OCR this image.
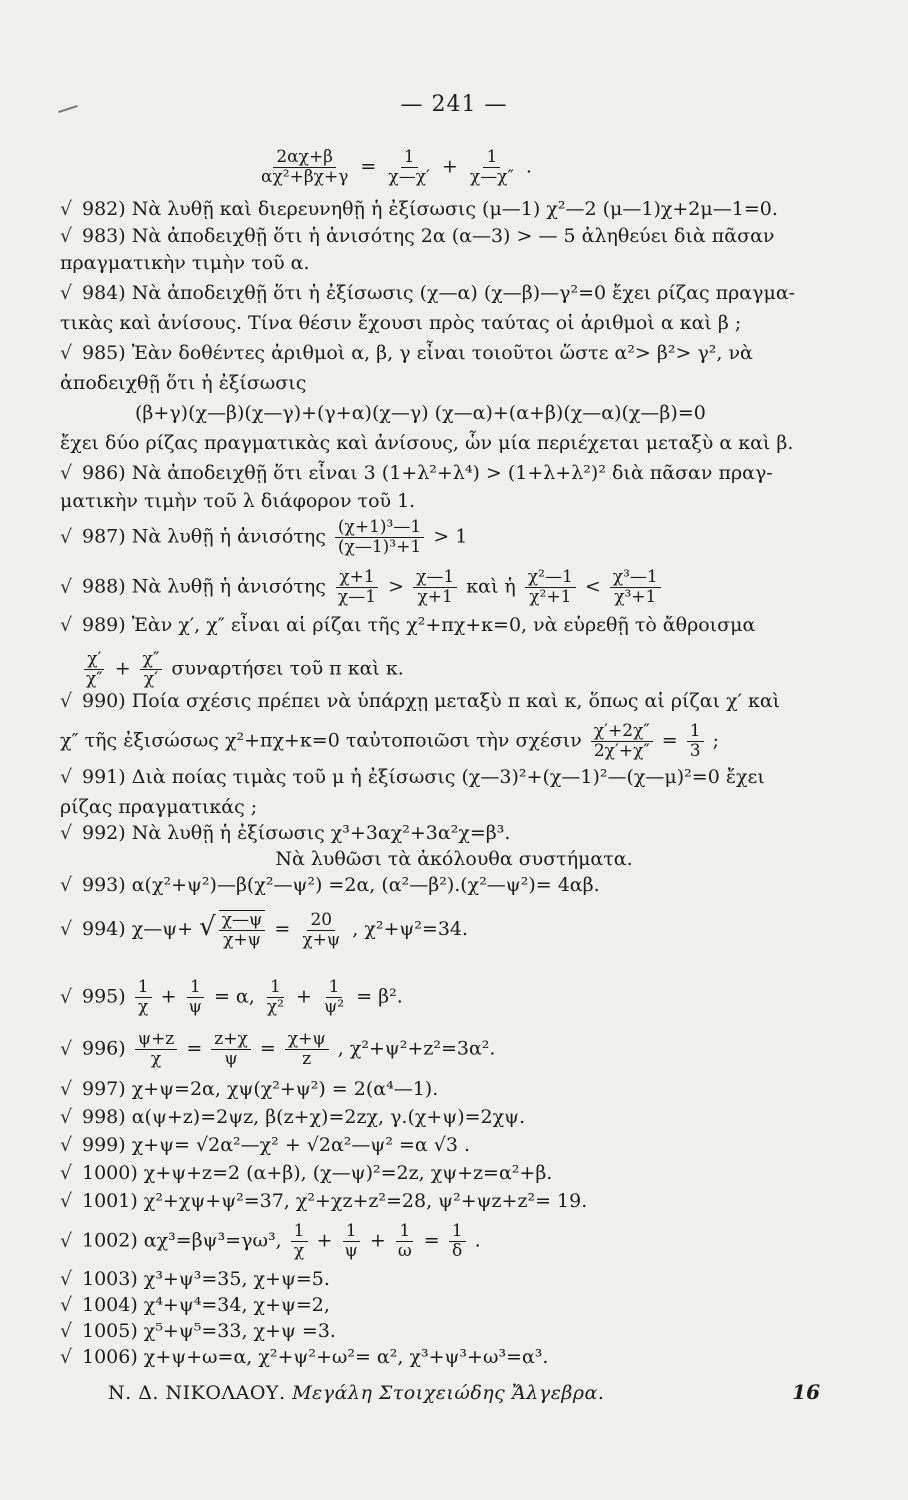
— 241 —
$\frac{2\alpha\chi+\beta}{\text{αχ²+βχ+γ}} = \frac{1}{\chi—\chi'} + \frac{1}{\chi—\chi''}$ .
√ 982) Νὰ λυθῇ καὶ διερευνηθῇ ἡ ἐξίσωσις (μ—1) χ²—2 (μ—1)χ+2μ—1=0.
√ 983) Νὰ ἀποδειχθῇ ὅτι ἡ ἀνισότης 2α (α—3) > — 5 ἀληθεύει διὰ πᾶσαν
πραγματικὴν τιμὴν τοῦ α.
√ 984) Νὰ ἀποδειχθῇ ὅτι ἡ ἐξίσωσις (χ—α) (χ—β)—γ²=0 ἔχει ρίζας πραγμα-
τικὰς καὶ ἀνίσους. Τίνα θέσιν ἔχουσι πρὸς ταύτας οἱ ἀριθμοὶ α καὶ β ;
√ 985) Ἐὰν δοθέντες ἀριθμοὶ α, β, γ εἶναι τοιοῦτοι ὥστε α²> β²> γ², νὰ
ἀποδειχθῇ ὅτι ἡ ἐξίσωσις
(β+γ)(χ—β)(χ—γ)+(γ+α)(χ—γ) (χ—α)+(α+β)(χ—α)(χ—β)=0
ἔχει δύο ρίζας πραγματικὰς καὶ ἀνίσους, ὧν μία περιέχεται μεταξὺ α καὶ β.
√ 986) Νὰ ἀποδειχθῇ ὅτι εἶναι 3 (1+λ²+λ⁴) > (1+λ+λ²)² διὰ πᾶσαν πραγ-
ματικὴν τιμὴν τοῦ λ διάφορον τοῦ 1.
√ 987) Νὰ λυθῇ ἡ ἀνισότης $\frac{\text{(χ+1)³—1}}{\text{(χ—1)³+1}} > 1$
√ 988) Νὰ λυθῇ ἡ ἀνισότης $\frac{\chi+1}{\chi—1} > \frac{\chi—1}{\chi+1}$ καὶ ἡ $\frac{\text{χ²—1}}{\text{χ²+1}} < \frac{\text{χ³—1}}{\text{χ³+1}}$
√ 989) Ἐὰν χ′, χ″ εἶναι αἱ ρίζαι τῆς χ²+πχ+κ=0, νὰ εὑρεθῇ τὸ ἄθροισμα
$\frac{\chi'}{\chi''} + \frac{\chi''}{\chi'}$ συναρτήσει τοῦ π καὶ κ.
√ 990) Ποία σχέσις πρέπει νὰ ὑπάρχῃ μεταξὺ π καὶ κ, ὅπως αἱ ρίζαι χ′ καὶ
χ″ τῆς ἐξισώσως χ²+πχ+κ=0 ταὐτοποιῶσι τὴν σχέσιν $\frac{\chi'+2\chi''}{2\chi'+\chi''} = \frac{1}{3}$ ;
√ 991) Διὰ ποίας τιμὰς τοῦ μ ἡ ἐξίσωσις (χ—3)²+(χ—1)²—(χ—μ)²=0 ἔχει
ρίζας πραγματικάς ;
√ 992) Νὰ λυθῇ ἡ ἐξίσωσις χ³+3αχ²+3α²χ=β³.
Νὰ λυθῶσι τὰ ἀκόλουθα συστήματα.
√ 993) α(χ²+ψ²)—β(χ²—ψ²) =2α, (α²—β²).(χ²—ψ²)= 4αβ.
√ 994) χ—ψ+ √ $\frac{\chi—\psi}{\chi+\psi} = \frac{20}{\chi+\psi}$ , χ²+ψ²=34.
√ $995) \frac{1}{\chi} + \frac{1}{\psi} = \alpha$, $\frac{1}{\text{χ²}} + \frac{1}{\text{ψ²}} = \beta^2$.
√ $996) \frac{\psi+z}{\chi} = \frac{z+\chi}{\psi} = \frac{\chi+\psi}{z}$ , χ²+ψ²+z²=3α².
√ 997) χ+ψ=2α, χψ(χ²+ψ²) = 2(α⁴—1).
√ 998) α(ψ+z)=2ψz, β(z+χ)=2zχ, γ.(χ+ψ)=2χψ.
√ 999) χ+ψ= √2α²—χ² + √2α²—ψ² =α √3 .
√ 1000) χ+ψ+z=2 (α+β), (χ—ψ)²=2z, χψ+z=α²+β.
√ 1001) χ²+χψ+ψ²=37, χ²+χz+z²=28, ψ²+ψz+z²= 19.
√ 1002) αχ³=βψ³=γω³, $\frac{1}{\chi} + \frac{1}{\psi} + \frac{1}{\omega} = \frac{1}{\delta}$ .
√ 1003) χ³+ψ³=35, χ+ψ=5.
√ 1004) χ⁴+ψ⁴=34, χ+ψ=2,
√ 1005) χ⁵+ψ⁵=33, χ+ψ =3.
√ 1006) χ+ψ+ω=α, χ²+ψ²+ω²= α², χ³+ψ³+ω³=α³.
Ν. Δ. ΝΙΚΟΛΑΟΥ. Μεγάλη Στοιχειώδης Ἄλγεβρα.	16
